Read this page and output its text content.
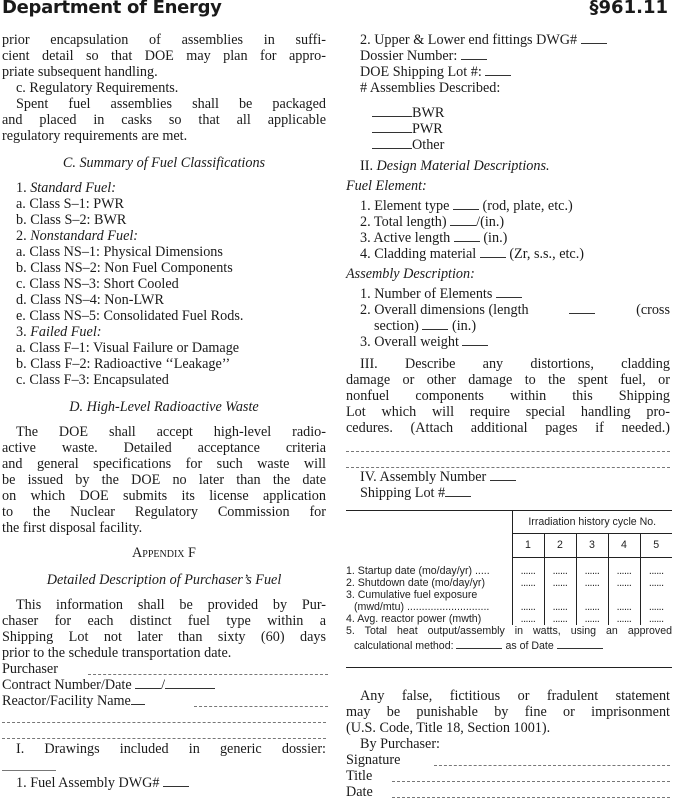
Department of Energy	§961.11
prior encapsulation of assemblies in suffi-
cient detail so that DOE may plan for appro-
priate subsequent handling.
c. Regulatory Requirements.
Spent fuel assemblies shall be packaged
and placed in casks so that all applicable
regulatory requirements are met.
C. Summary of Fuel Classifications
1. Standard Fuel:
a. Class S–1: PWR
b. Class S–2: BWR
2. Nonstandard Fuel:
a. Class NS–1: Physical Dimensions
b. Class NS–2: Non Fuel Components
c. Class NS–3: Short Cooled
d. Class NS–4: Non-LWR
e. Class NS–5: Consolidated Fuel Rods.
3. Failed Fuel:
a. Class F–1: Visual Failure or Damage
b. Class F–2: Radioactive ‘‘Leakage’’
c. Class F–3: Encapsulated
D. High-Level Radioactive Waste
The DOE shall accept high-level radio-
active waste. Detailed acceptance criteria
and general specifications for such waste will
be issued by the DOE no later than the date
on which DOE submits its license application
to the Nuclear Regulatory Commission for
the first disposal facility.
Appendix F
Detailed Description of Purchaser’s Fuel
This information shall be provided by Pur-
chaser for each distinct fuel type within a
Shipping Lot not later than sixty (60) days
prior to the schedule transportation date.
Purchaser
Contract Number/Date /
Reactor/Facility Name
I. Drawings included in generic dossier:
1. Fuel Assembly DWG#
2. Upper & Lower end fittings DWG#
Dossier Number:
DOE Shipping Lot #:
# Assemblies Described:
BWR
PWR
Other
II. Design Material Descriptions.
Fuel Element:
1. Element type (rod, plate, etc.)
2. Total length) /(in.)
3. Active length (in.)
4. Cladding material (Zr, s.s., etc.)
Assembly Description:
1. Number of Elements
2. Overall dimensions (length	(cross
section) (in.)
3. Overall weight
III. Describe any distortions, cladding
damage or other damage to the spent fuel, or
nonfuel components within this Shipping
Lot which will require special handling pro-
cedures. (Attach additional pages if needed.)
IV. Assembly Number
Shipping Lot #
Any false, fictitious or fradulent statement
may be punishable by fine or imprisonment
(U.S. Code, Title 18, Section 1001).
By Purchaser:
Signature
Title
Date
	Irradiation history cycle No.				
	1	2	3	4	5

1. Startup date (mo/day/yr) .....	......	......	......	......	......
2. Shutdown date (mo/day/yr)	......	......	......	......	......
3. Cumulative fuel exposure					
(mwd/mtu) ............................	......	......	......	......	......
4. Avg. reactor power (mwth)	......	......	......	......	......
5. Total heat output/assembly in watts, using an approved					
calculational method: as of Date					
